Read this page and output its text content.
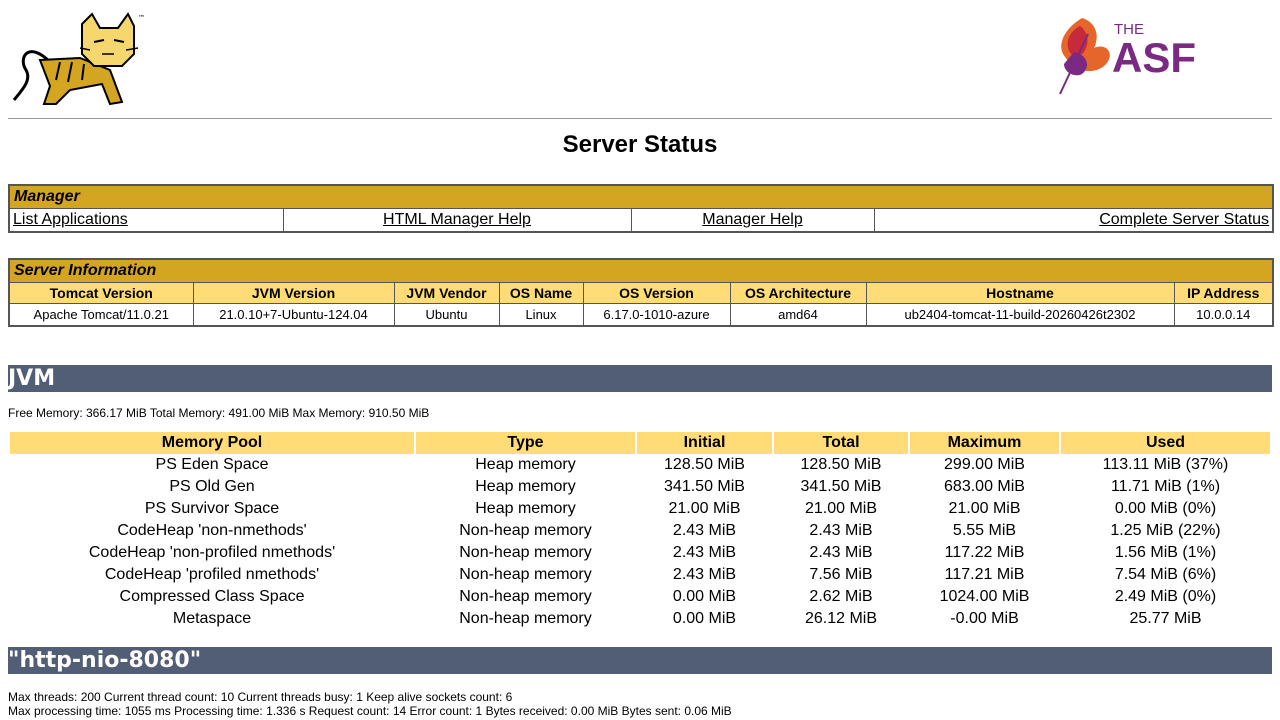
™
THE
ASF
Server Status
Manager
List Applications	HTML Manager Help	Manager Help	Complete Server Status
Server Information							
Tomcat Version	JVM Version	JVM Vendor	OS Name	OS Version	OS Architecture	Hostname	IP Address
Apache Tomcat/11.0.21	21.0.10+7-Ubuntu-124.04	Ubuntu	Linux	6.17.0-1010-azure	amd64	ub2404-tomcat-11-build-20260426t2302	10.0.0.14
JVM
Free Memory: 366.17 MiB Total Memory: 491.00 MiB Max Memory: 910.50 MiB
Memory Pool	Type	Initial	Total	Maximum	Used
PS Eden Space	Heap memory	128.50 MiB	128.50 MiB	299.00 MiB	113.11 MiB (37%)
PS Old Gen	Heap memory	341.50 MiB	341.50 MiB	683.00 MiB	11.71 MiB (1%)
PS Survivor Space	Heap memory	21.00 MiB	21.00 MiB	21.00 MiB	0.00 MiB (0%)
CodeHeap 'non-nmethods'	Non-heap memory	2.43 MiB	2.43 MiB	5.55 MiB	1.25 MiB (22%)
CodeHeap 'non-profiled nmethods'	Non-heap memory	2.43 MiB	2.43 MiB	117.22 MiB	1.56 MiB (1%)
CodeHeap 'profiled nmethods'	Non-heap memory	2.43 MiB	7.56 MiB	117.21 MiB	7.54 MiB (6%)
Compressed Class Space	Non-heap memory	0.00 MiB	2.62 MiB	1024.00 MiB	2.49 MiB (0%)
Metaspace	Non-heap memory	0.00 MiB	26.12 MiB	-0.00 MiB	25.77 MiB
"http-nio-8080"
Max threads: 200 Current thread count: 10 Current threads busy: 1 Keep alive sockets count: 6
Max processing time: 1055 ms Processing time: 1.336 s Request count: 14 Error count: 1 Bytes received: 0.00 MiB Bytes sent: 0.06 MiB
